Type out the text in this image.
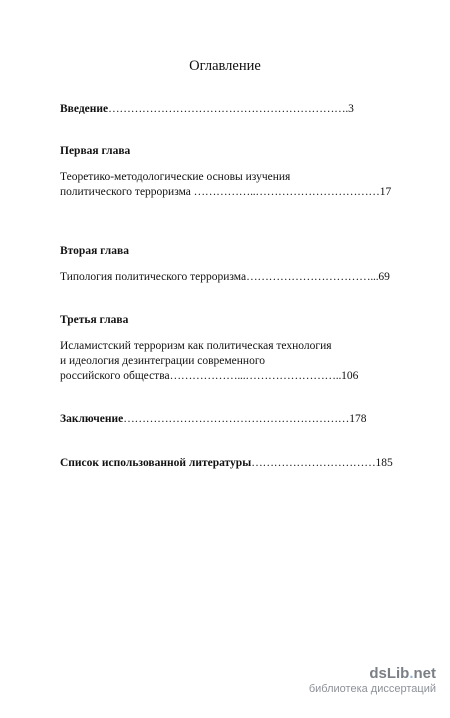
Оглавление
Введение……………………………………………………….3
Первая глава
Теоретико-методологические основы изучения
политического терроризма ……………..……………………………17
Вторая глава
Типология политического терроризма……………………………...69
Третья глава
Исламистский терроризм как политическая технология
и идеология дезинтеграции современного
российского общества………………...……………………..106
Заключение……………………………………………………178
Список использованной литературы……………………………185
dsLib.net
библиотека диссертаций
